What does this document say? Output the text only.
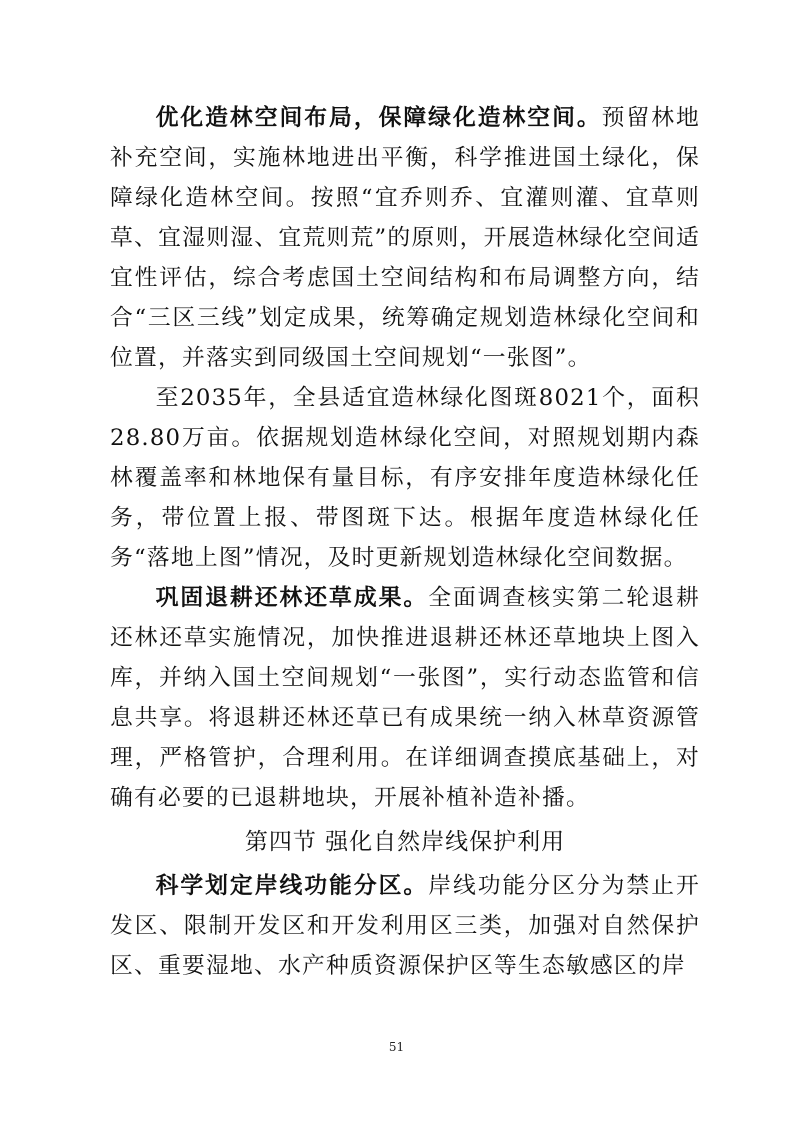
优化造林空间布局，保障绿化造林空间。预留林地补充空间，实施林地进出平衡，科学推进国土绿化，保障绿化造林空间。按照“宜乔则乔、宜灌则灌、宜草则草、宜湿则湿、宜荒则荒”的原则，开展造林绿化空间适宜性评估，综合考虑国土空间结构和布局调整方向，结合“三区三线”划定成果，统筹确定规划造林绿化空间和位置，并落实到同级国土空间规划“一张图”。

至2035年，全县适宜造林绿化图斑8021个，面积28.80万亩。依据规划造林绿化空间，对照规划期内森林覆盖率和林地保有量目标，有序安排年度造林绿化任务，带位置上报、带图斑下达。根据年度造林绿化任务“落地上图”情况，及时更新规划造林绿化空间数据。

巩固退耕还林还草成果。全面调查核实第二轮退耕还林还草实施情况，加快推进退耕还林还草地块上图入库，并纳入国土空间规划“一张图”，实行动态监管和信息共享。将退耕还林还草已有成果统一纳入林草资源管理，严格管护，合理利用。在详细调查摸底基础上，对确有必要的已退耕地块，开展补植补造补播。

第四节 强化自然岸线保护利用

科学划定岸线功能分区。岸线功能分区分为禁止开发区、限制开发区和开发利用区三类，加强对自然保护区、重要湿地、水产种质资源保护区等生态敏感区的岸

51
